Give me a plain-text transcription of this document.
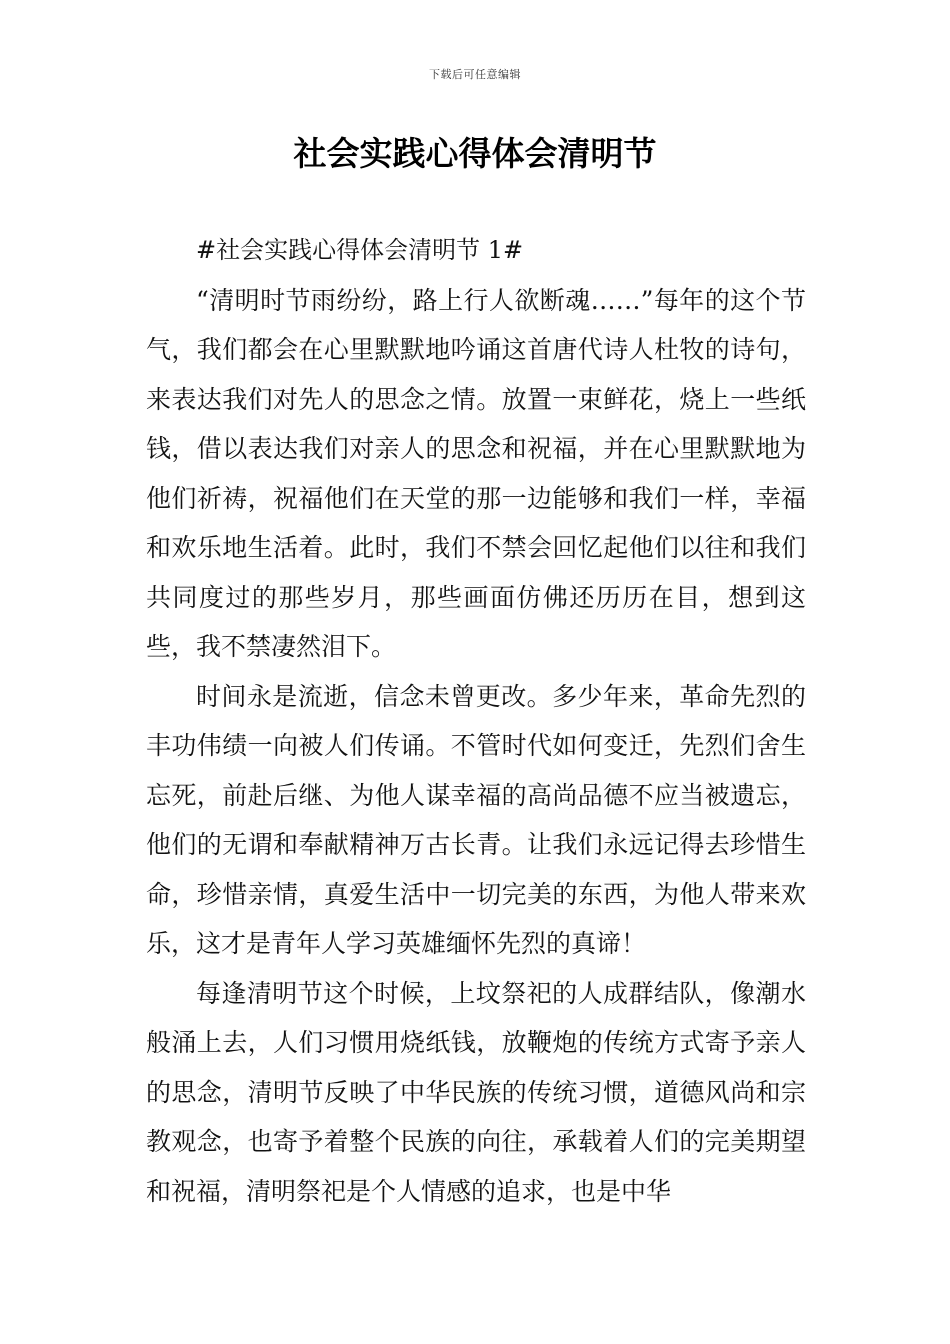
下载后可任意编辑
社会实践心得体会清明节

#社会实践心得体会清明节 1#

“清明时节雨纷纷，路上行人欲断魂……”每年的这个节气，我们都会在心里默默地吟诵这首唐代诗人杜牧的诗句，来表达我们对先人的思念之情。放置一束鲜花，烧上一些纸钱，借以表达我们对亲人的思念和祝福，并在心里默默地为他们祈祷，祝福他们在天堂的那一边能够和我们一样，幸福和欢乐地生活着。此时，我们不禁会回忆起他们以往和我们共同度过的那些岁月，那些画面仿佛还历历在目，想到这些，我不禁凄然泪下。

时间永是流逝，信念未曾更改。多少年来，革命先烈的丰功伟绩一向被人们传诵。不管时代如何变迁，先烈们舍生忘死，前赴后继、为他人谋幸福的高尚品德不应当被遗忘，他们的无谓和奉献精神万古长青。让我们永远记得去珍惜生命，珍惜亲情，真爱生活中一切完美的东西，为他人带来欢乐，这才是青年人学习英雄缅怀先烈的真谛！

每逢清明节这个时候，上坟祭祀的人成群结队，像潮水般涌上去，人们习惯用烧纸钱，放鞭炮的传统方式寄予亲人的思念，清明节反映了中华民族的传统习惯，道德风尚和宗教观念，也寄予着整个民族的向往，承载着人们的完美期望和祝福，清明祭祀是个人情感的追求，也是中华
